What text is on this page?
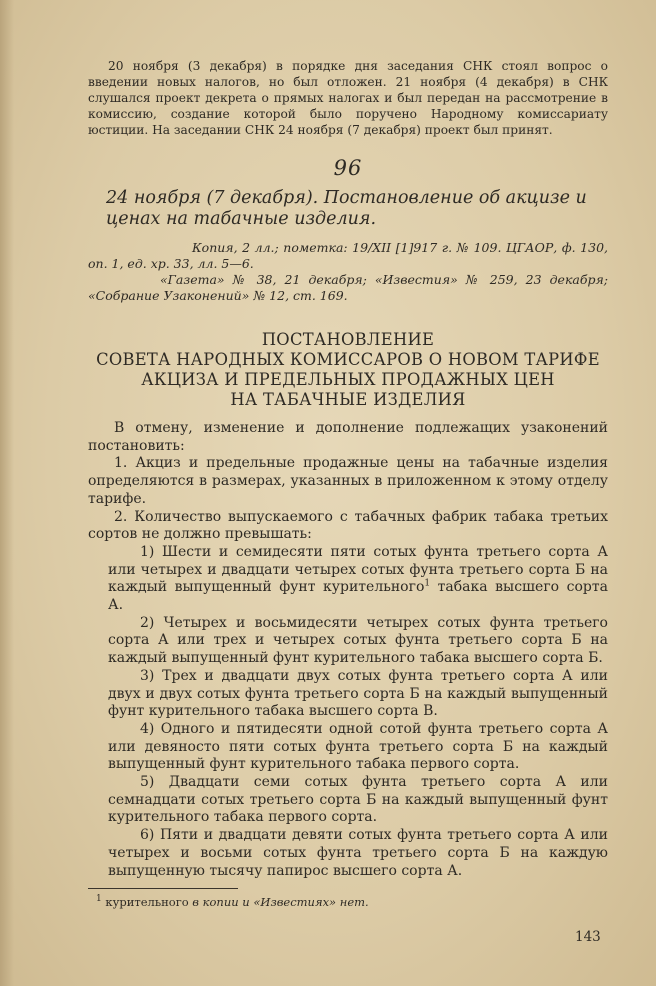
20 ноября (3 декабря) в порядке дня заседания СНК стоял вопрос о введении новых налогов, но был отложен. 21 ноября (4 декабря) в СНК слушался проект декрета о прямых налогах и был передан на рассмотрение в комиссию, создание которой было поручено Народному комиссариату юстиции. На заседании СНК 24 ноября (7 декабря) проект был принят.

96

24 ноября (7 декабря). Постановление об акцизе и ценах на табачные изделия.

Копия, 2 лл.; пометка: 19/XII [1]917 г. № 109. ЦГАОР, ф. 130, оп. 1, ед. хр. 33, лл. 5—6.

«Газета» № 38, 21 декабря; «Известия» № 259, 23 декабря; «Собрание Узаконений» № 12, ст. 169.

ПОСТАНОВЛЕНИЕ
СОВЕТА НАРОДНЫХ КОМИССАРОВ О НОВОМ ТАРИФЕ
АКЦИЗА И ПРЕДЕЛЬНЫХ ПРОДАЖНЫХ ЦЕН
НА ТАБАЧНЫЕ ИЗДЕЛИЯ

В отмену, изменение и дополнение подлежащих узаконений постановить:

1. Акциз и предельные продажные цены на табачные изделия определяются в размерах, указанных в приложенном к этому отделу тарифе.

2. Количество выпускаемого с табачных фабрик табака третьих сортов не должно превышать:

1) Шести и семидесяти пяти сотых фунта третьего сорта А или четырех и двадцати четырех сотых фунта третьего сорта Б на каждый выпущенный фунт курительного$^1$ табака высшего сорта А.

2) Четырех и восьмидесяти четырех сотых фунта третьего сорта А или трех и четырех сотых фунта третьего сорта Б на каждый выпущенный фунт курительного табака высшего сорта Б.

3) Трех и двадцати двух сотых фунта третьего сорта А или двух и двух сотых фунта третьего сорта Б на каждый выпущенный фунт курительного табака высшего сорта В.

4) Одного и пятидесяти одной сотой фунта третьего сорта А или девяносто пяти сотых фунта третьего сорта Б на каждый выпущенный фунт курительного табака первого сорта.

5) Двадцати семи сотых фунта третьего сорта А или семнадцати сотых третьего сорта Б на каждый выпущенный фунт курительного табака первого сорта.

6) Пяти и двадцати девяти сотых фунта третьего сорта А или четырех и восьми сотых фунта третьего сорта Б на каждую выпущенную тысячу папирос высшего сорта А.

$^1$ курительного в копии и «Известиях» нет.

143
